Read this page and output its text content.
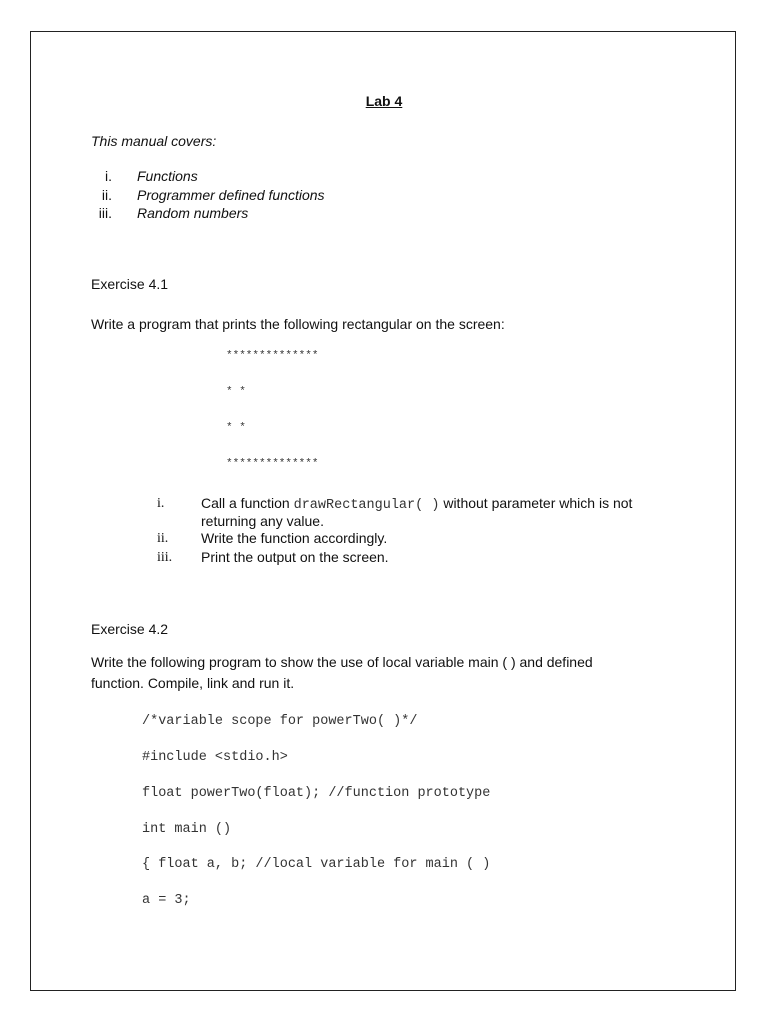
Lab 4
This manual covers:
i. Functions
ii. Programmer defined functions
iii. Random numbers
Exercise 4.1
Write a program that prints the following rectangular on the screen:
**************
* *
* *
**************
i.	Call a function drawRectangular( ) without parameter which is not
returning any value.
ii. Write the function accordingly.
iii. Print the output on the screen.
Exercise 4.2
Write the following program to show the use of local variable main ( ) and defined
function. Compile, link and run it.
/*variable scope for powerTwo( )*/
#include <stdio.h>
float powerTwo(float); //function prototype
int main ()
{ float a, b; //local variable for main ( )
a = 3;
